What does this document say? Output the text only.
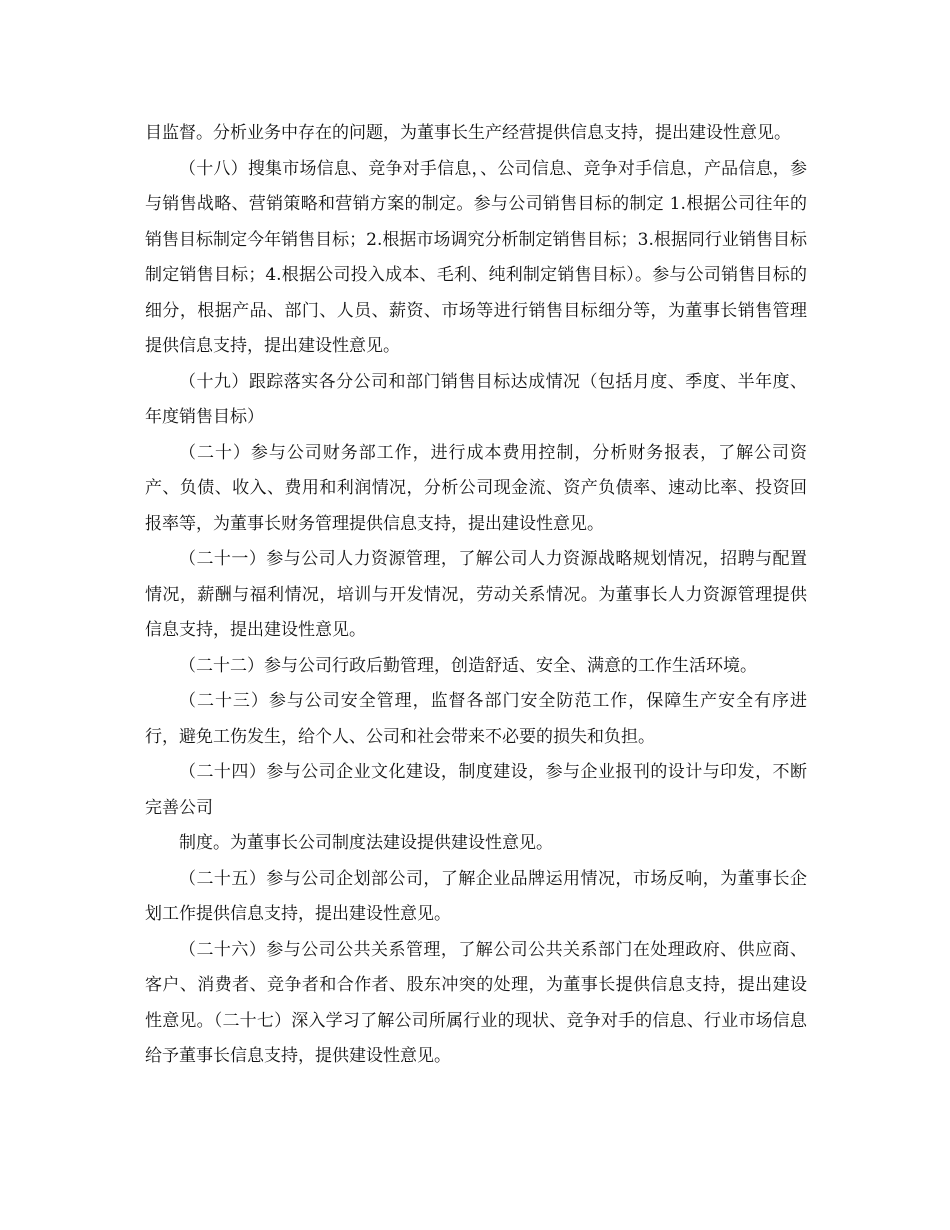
目监督。分析业务中存在的问题，为董事长生产经营提供信息支持，提出建设性意见。

（十八）搜集市场信息、竞争对手信息，、公司信息、竞争对手信息，产品信息，参与销售战略、营销策略和营销方案的制定。参与公司销售目标的制定 1.根据公司往年的销售目标制定今年销售目标；2.根据市场调究分析制定销售目标；3.根据同行业销售目标制定销售目标；4.根据公司投入成本、毛利、纯利制定销售目标）。参与公司销售目标的细分，根据产品、部门、人员、薪资、市场等进行销售目标细分等，为董事长销售管理提供信息支持，提出建设性意见。

（十九）跟踪落实各分公司和部门销售目标达成情况（包括月度、季度、半年度、年度销售目标）

（二十）参与公司财务部工作，进行成本费用控制，分析财务报表，了解公司资产、负债、收入、费用和利润情况，分析公司现金流、资产负债率、速动比率、投资回报率等，为董事长财务管理提供信息支持，提出建设性意见。

（二十一）参与公司人力资源管理，了解公司人力资源战略规划情况，招聘与配置情况，薪酬与福利情况，培训与开发情况，劳动关系情况。为董事长人力资源管理提供信息支持，提出建设性意见。

（二十二）参与公司行政后勤管理，创造舒适、安全、满意的工作生活环境。

（二十三）参与公司安全管理，监督各部门安全防范工作，保障生产安全有序进行，避免工伤发生，给个人、公司和社会带来不必要的损失和负担。

（二十四）参与公司企业文化建设，制度建设，参与企业报刊的设计与印发，不断完善公司

制度。为董事长公司制度法建设提供建设性意见。

（二十五）参与公司企划部公司，了解企业品牌运用情况，市场反响，为董事长企划工作提供信息支持，提出建设性意见。

（二十六）参与公司公共关系管理，了解公司公共关系部门在处理政府、供应商、客户、消费者、竞争者和合作者、股东冲突的处理，为董事长提供信息支持，提出建设性意见。（二十七）深入学习了解公司所属行业的现状、竞争对手的信息、行业市场信息给予董事长信息支持，提供建设性意见。
